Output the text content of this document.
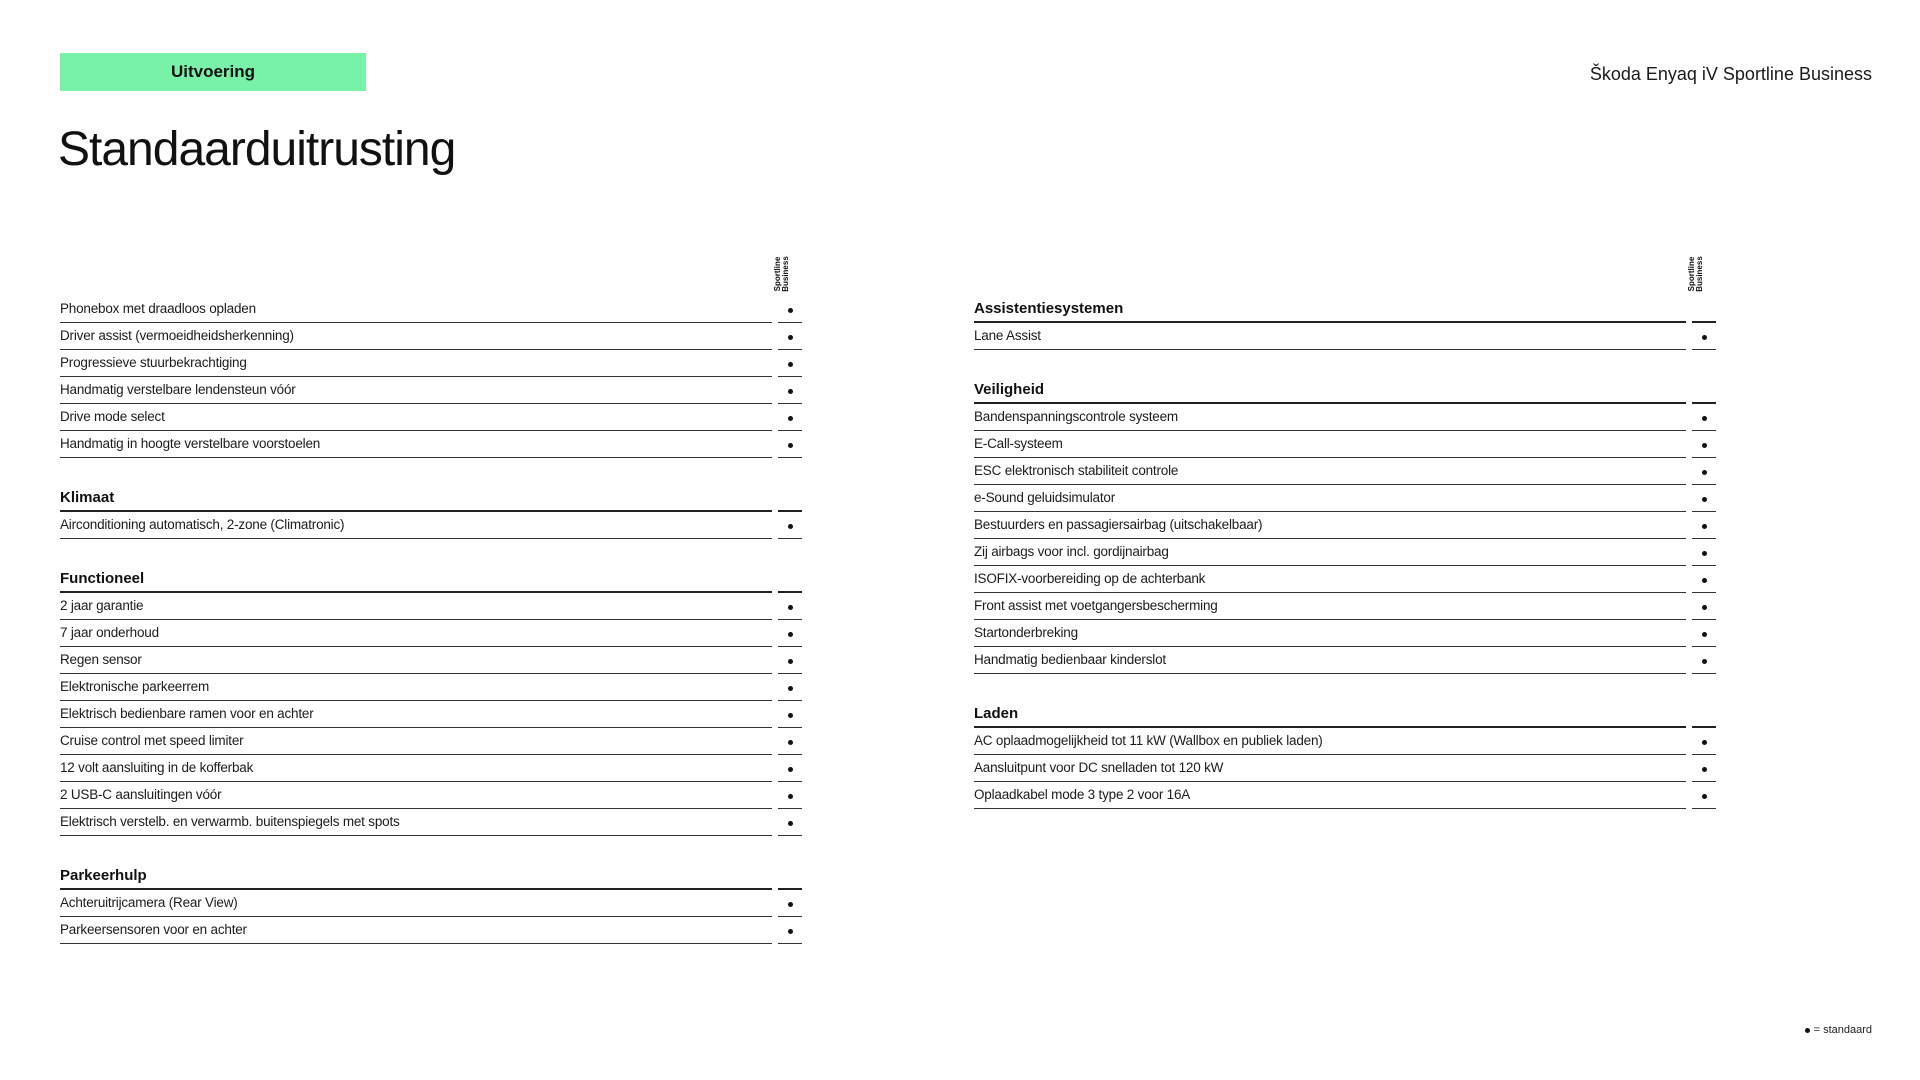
Uitvoering	Škoda Enyaq iV Sportline Business
Standaarduitrusting
Sportline
Business
Phonebox met draadloos opladen
Driver assist (vermoeidheidsherkenning)
Progressieve stuurbekrachtiging
Handmatig verstelbare lendensteun vóór
Drive mode select
Handmatig in hoogte verstelbare voorstoelen
Klimaat
Airconditioning automatisch, 2-zone (Climatronic)
Functioneel
2 jaar garantie
7 jaar onderhoud
Regen sensor
Elektronische parkeerrem
Elektrisch bedienbare ramen voor en achter
Cruise control met speed limiter
12 volt aansluiting in de kofferbak
2 USB-C aansluitingen vóór
Elektrisch verstelb. en verwarmb. buitenspiegels met spots
Parkeerhulp
Achteruitrijcamera (Rear View)
Parkeersensoren voor en achter
Sportline
Business
Assistentiesystemen
Lane Assist
Veiligheid
Bandenspanningscontrole systeem
E-Call-systeem
ESC elektronisch stabiliteit controle
e-Sound geluidsimulator
Bestuurders en passagiersairbag (uitschakelbaar)
Zij airbags voor incl. gordijnairbag
ISOFIX-voorbereiding op de achterbank
Front assist met voetgangersbescherming
Startonderbreking
Handmatig bedienbaar kinderslot
Laden
AC oplaadmogelijkheid tot 11 kW (Wallbox en publiek laden)
Aansluitpunt voor DC snelladen tot 120 kW
Oplaadkabel mode 3 type 2 voor 16A
= standaard
